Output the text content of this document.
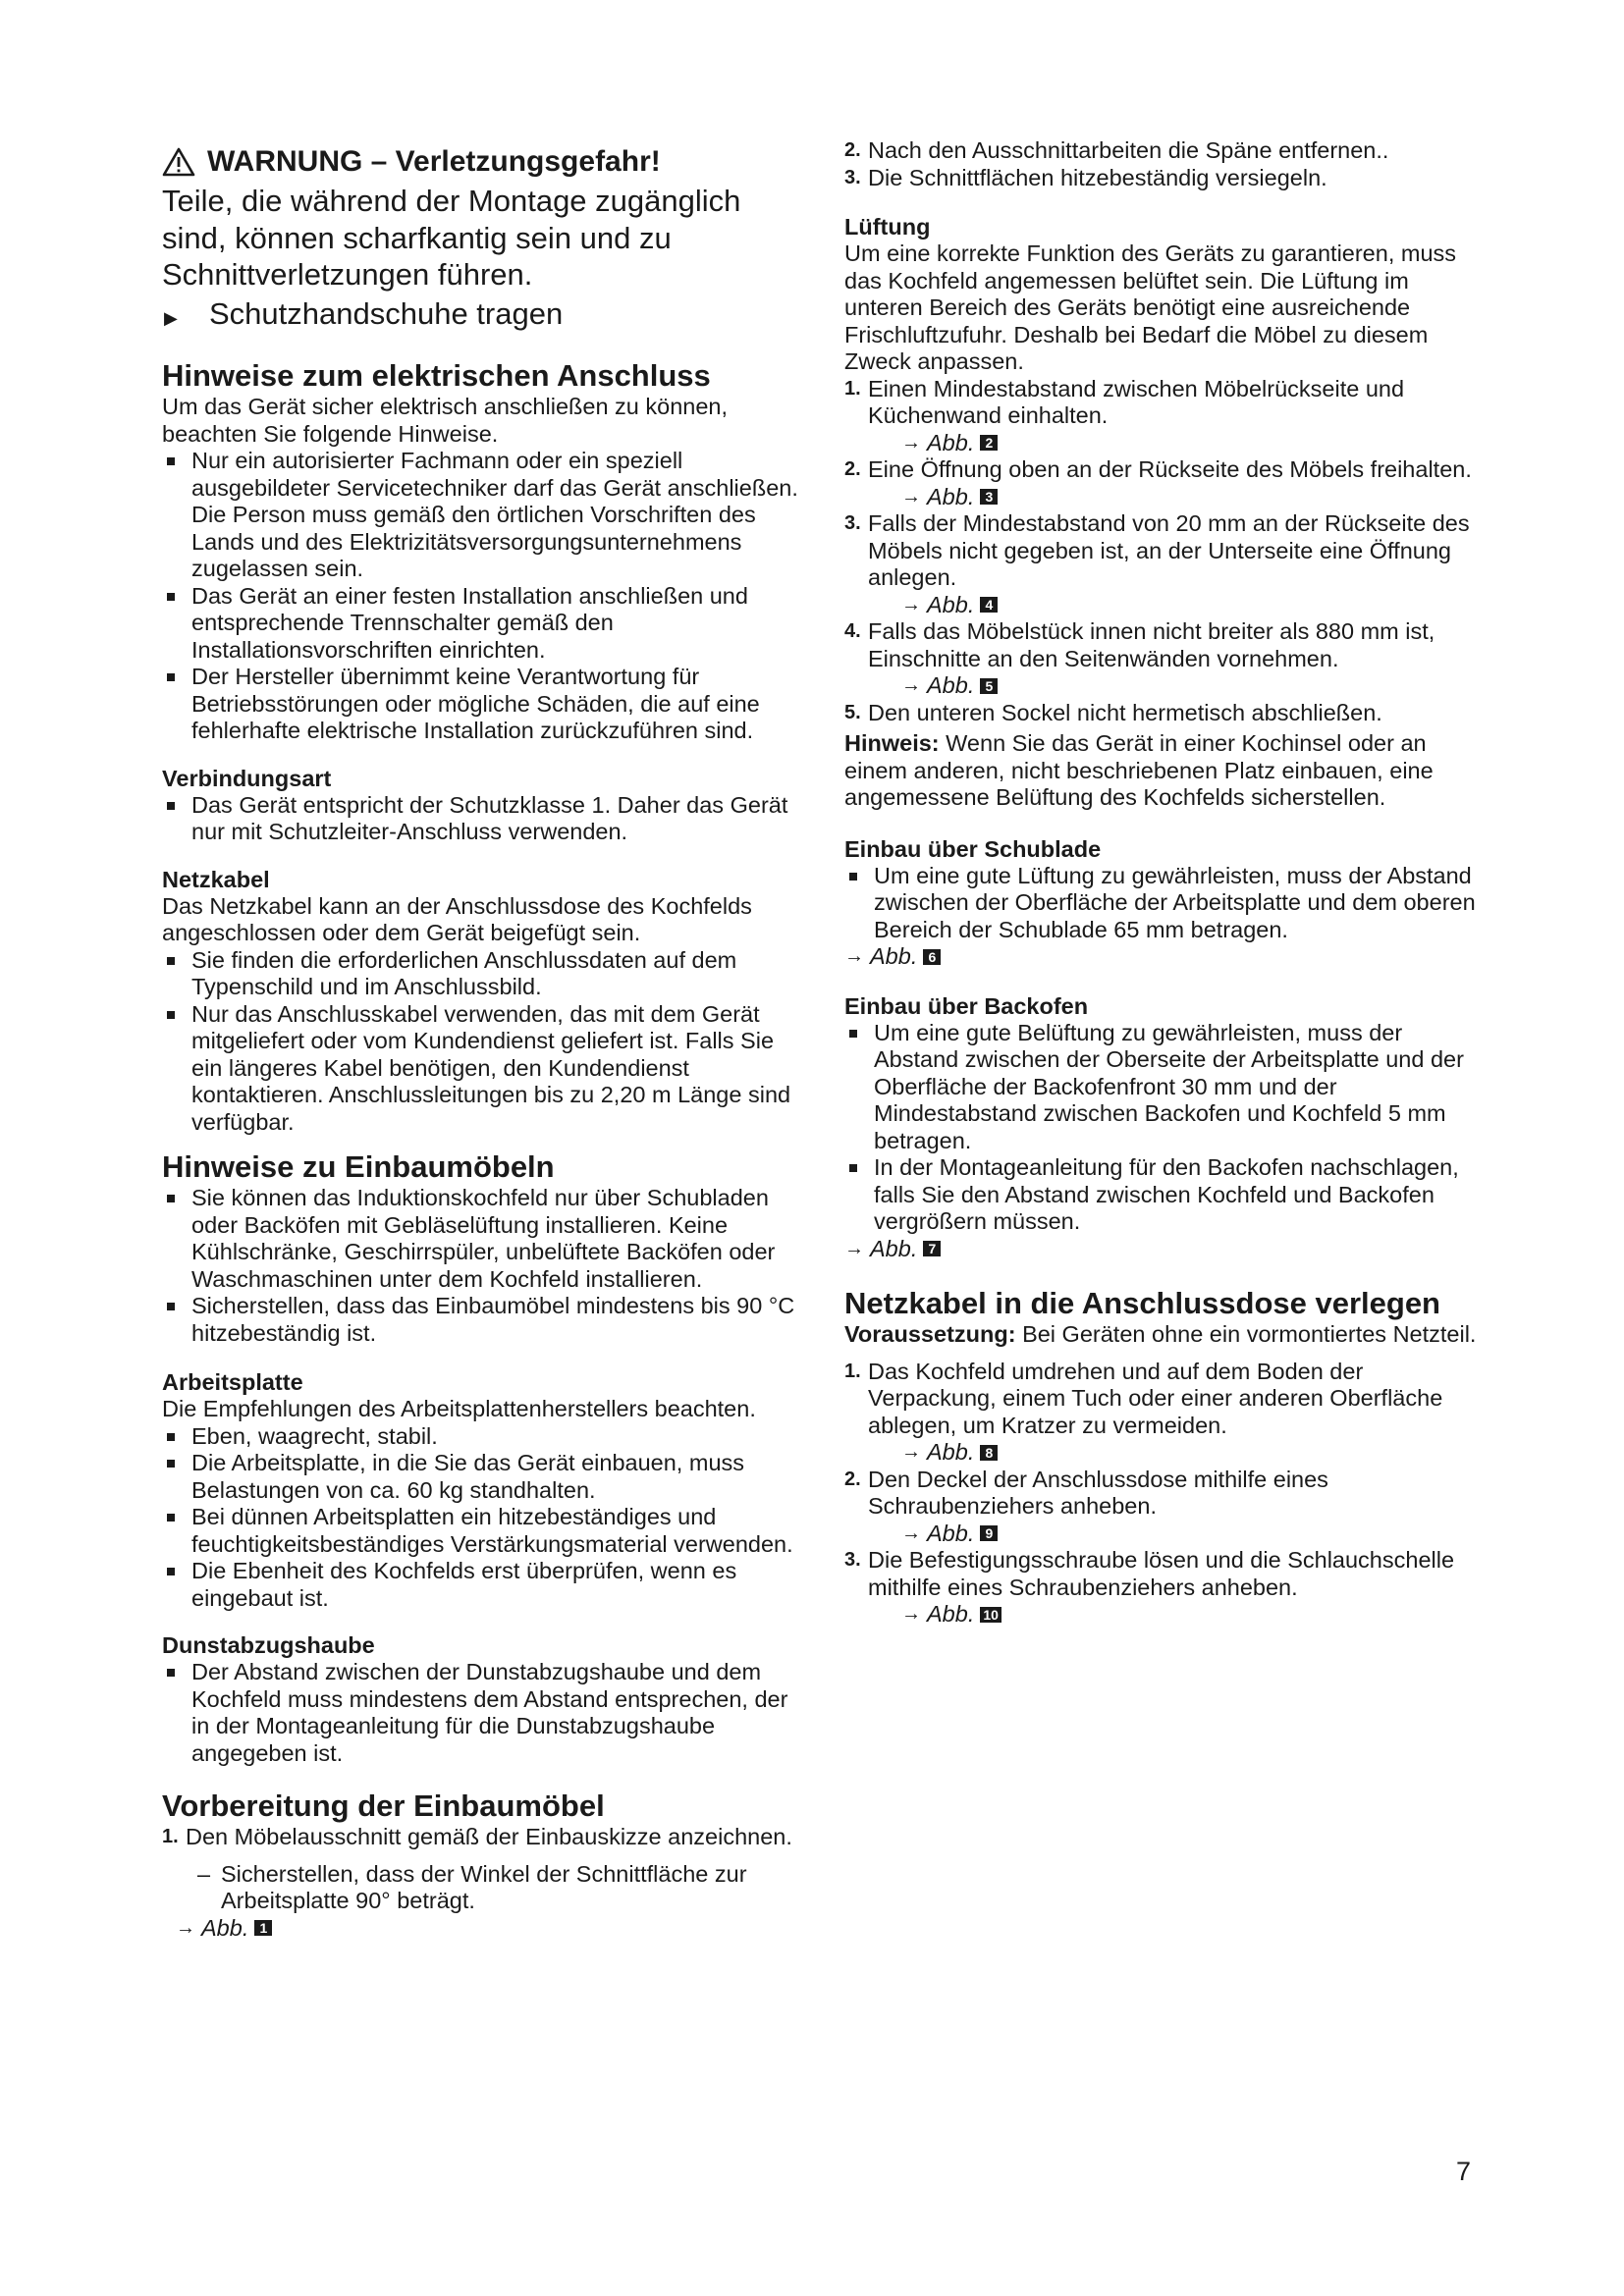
WARNUNG – Verletzungsgefahr!

Teile, die während der Montage zugänglich sind, können scharfkantig sein und zu Schnittverletzungen führen.

▶	Schutzhandschuhe tragen

Hinweise zum elektrischen Anschluss

Um das Gerät sicher elektrisch anschließen zu können, beachten Sie folgende Hinweise.

Nur ein autorisierter Fachmann oder ein speziell ausgebildeter Servicetechniker darf das Gerät anschließen. Die Person muss gemäß den örtlichen Vorschriften des Lands und des Elektrizitätsversorgungsunternehmens zugelassen sein.
Das Gerät an einer festen Installation anschließen und entsprechende Trennschalter gemäß den Installationsvorschriften einrichten.
Der Hersteller übernimmt keine Verantwortung für Betriebsstörungen oder mögliche Schäden, die auf eine fehlerhafte elektrische Installation zurückzuführen sind.

Verbindungsart

Das Gerät entspricht der Schutzklasse 1. Daher das Gerät nur mit Schutzleiter-Anschluss verwenden.

Netzkabel

Das Netzkabel kann an der Anschlussdose des Kochfelds angeschlossen oder dem Gerät beigefügt sein.

Sie finden die erforderlichen Anschlussdaten auf dem Typenschild und im Anschlussbild.
Nur das Anschlusskabel verwenden, das mit dem Gerät mitgeliefert oder vom Kundendienst geliefert ist. Falls Sie ein längeres Kabel benötigen, den Kundendienst kontaktieren. Anschlussleitungen bis zu 2,20 m Länge sind verfügbar.

Hinweise zu Einbaumöbeln

Sie können das Induktionskochfeld nur über Schubladen oder Backöfen mit Gebläselüftung installieren. Keine Kühlschränke, Geschirrspüler, unbelüftete Backöfen oder Waschmaschinen unter dem Kochfeld installieren.
Sicherstellen, dass das Einbaumöbel mindestens bis 90 °C hitzebeständig ist.

Arbeitsplatte

Die Empfehlungen des Arbeitsplattenherstellers beachten.

Eben, waagrecht, stabil.
Die Arbeitsplatte, in die Sie das Gerät einbauen, muss Belastungen von ca. 60 kg standhalten.
Bei dünnen Arbeitsplatten ein hitzebeständiges und feuchtigkeitsbeständiges Verstärkungsmaterial verwenden.
Die Ebenheit des Kochfelds erst überprüfen, wenn es eingebaut ist.

Dunstabzugshaube

Der Abstand zwischen der Dunstabzugshaube und dem Kochfeld muss mindestens dem Abstand entsprechen, der in der Montageanleitung für die Dunstabzugshaube angegeben ist.

Vorbereitung der Einbaumöbel

1. Den Möbelausschnitt gemäß der Einbauskizze anzeichnen.
– Sicherstellen, dass der Winkel der Schnittfläche zur Arbeitsplatte 90° beträgt.
→ Abb. 1
2. Nach den Ausschnittarbeiten die Späne entfernen..
3. Die Schnittflächen hitzebeständig versiegeln.

Lüftung

Um eine korrekte Funktion des Geräts zu garantieren, muss das Kochfeld angemessen belüftet sein. Die Lüftung im unteren Bereich des Geräts benötigt eine ausreichende Frischluftzufuhr. Deshalb bei Bedarf die Möbel zu diesem Zweck anpassen.

1. Einen Mindestabstand zwischen Möbelrückseite und Küchenwand einhalten.
→ Abb. 2
2. Eine Öffnung oben an der Rückseite des Möbels freihalten.
→ Abb. 3
3. Falls der Mindestabstand von 20 mm an der Rückseite des Möbels nicht gegeben ist, an der Unterseite eine Öffnung anlegen.
→ Abb. 4
4. Falls das Möbelstück innen nicht breiter als 880 mm ist, Einschnitte an den Seitenwänden vornehmen.
→ Abb. 5
5. Den unteren Sockel nicht hermetisch abschließen.

Hinweis: Wenn Sie das Gerät in einer Kochinsel oder an einem anderen, nicht beschriebenen Platz einbauen, eine angemessene Belüftung des Kochfelds sicherstellen.

Einbau über Schublade

Um eine gute Lüftung zu gewährleisten, muss der Abstand zwischen der Oberfläche der Arbeitsplatte und dem oberen Bereich der Schublade 65 mm betragen.
→ Abb. 6

Einbau über Backofen

Um eine gute Belüftung zu gewährleisten, muss der Abstand zwischen der Oberseite der Arbeitsplatte und der Oberfläche der Backofenfront 30 mm und der Mindestabstand zwischen Backofen und Kochfeld 5 mm betragen.
In der Montageanleitung für den Backofen nachschlagen, falls Sie den Abstand zwischen Kochfeld und Backofen vergrößern müssen.
→ Abb. 7

Netzkabel in die Anschlussdose verlegen

Voraussetzung: Bei Geräten ohne ein vormontiertes Netzteil.

1. Das Kochfeld umdrehen und auf dem Boden der Verpackung, einem Tuch oder einer anderen Oberfläche ablegen, um Kratzer zu vermeiden.
→ Abb. 8
2. Den Deckel der Anschlussdose mithilfe eines Schraubenziehers anheben.
→ Abb. 9
3. Die Befestigungsschraube lösen und die Schlauchschelle mithilfe eines Schraubenziehers anheben.
→ Abb. 10
7
